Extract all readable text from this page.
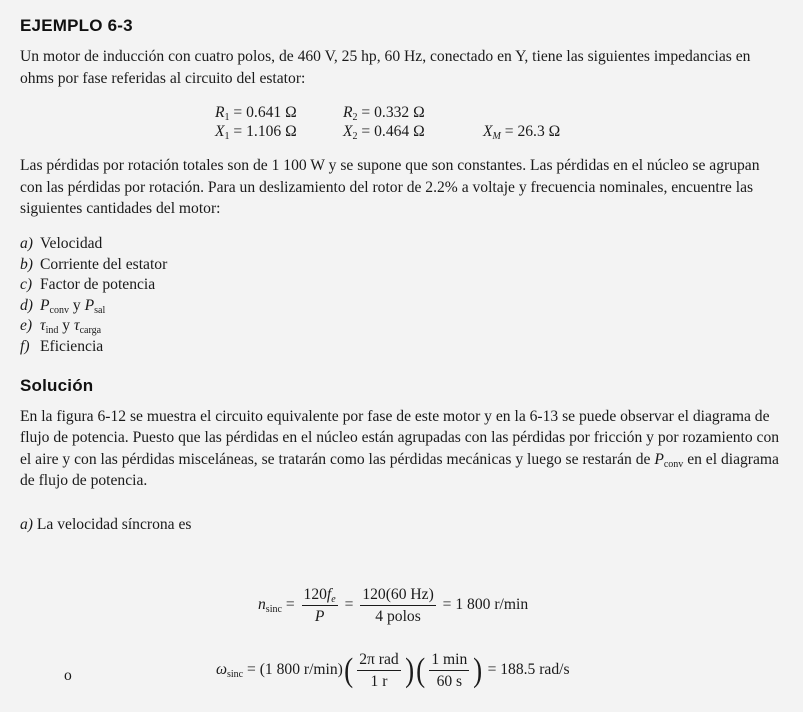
EJEMPLO 6-3

Un motor de inducción con cuatro polos, de 460 V, 25 hp, 60 Hz, conectado en Y, tiene las siguientes impedancias en ohms por fase referidas al circuito del estator:

$R_1 = 0.641$ Ω	$R_2 = 0.332$ Ω
$X_1 = 1.106$ Ω	$X_2 = 0.464$ Ω	$X_M = 26.3$ Ω

Las pérdidas por rotación totales son de 1 100 W y se supone que son constantes. Las pérdidas en el núcleo se agrupan con las pérdidas por rotación. Para un deslizamiento del rotor de 2.2% a voltaje y frecuencia nominales, encuentre las siguientes cantidades del motor:

a) Velocidad
b) Corriente del estator
c) Factor de potencia
d) $P_{conv}$ y $P_{sal}$
e) $\tau_{ind}$ y $\tau_{carga}$
f) Eficiencia
Solución

En la figura 6-12 se muestra el circuito equivalente por fase de este motor y en la 6-13 se puede observar el diagrama de flujo de potencia. Puesto que las pérdidas en el núcleo están agrupadas con las pérdidas por fricción y por rozamiento con el aire y con las pérdidas misceláneas, se tratarán como las pérdidas mecánicas y luego se restarán de $P_{conv}$ en el diagrama de flujo de potencia.

a) La velocidad síncrona es

$n_{sinc} = \frac{120f_e}{P} = \frac{120(60 Hz)}{\text{4 polos}} = 1$ 800 r/min
o	$\omega_{sinc} = (1$ 800 $r/\min)( \frac{\text{2π rad}}{1 r}$ )( $\frac{1 \min}{60 s}$ ) = 188.5 rad/s
